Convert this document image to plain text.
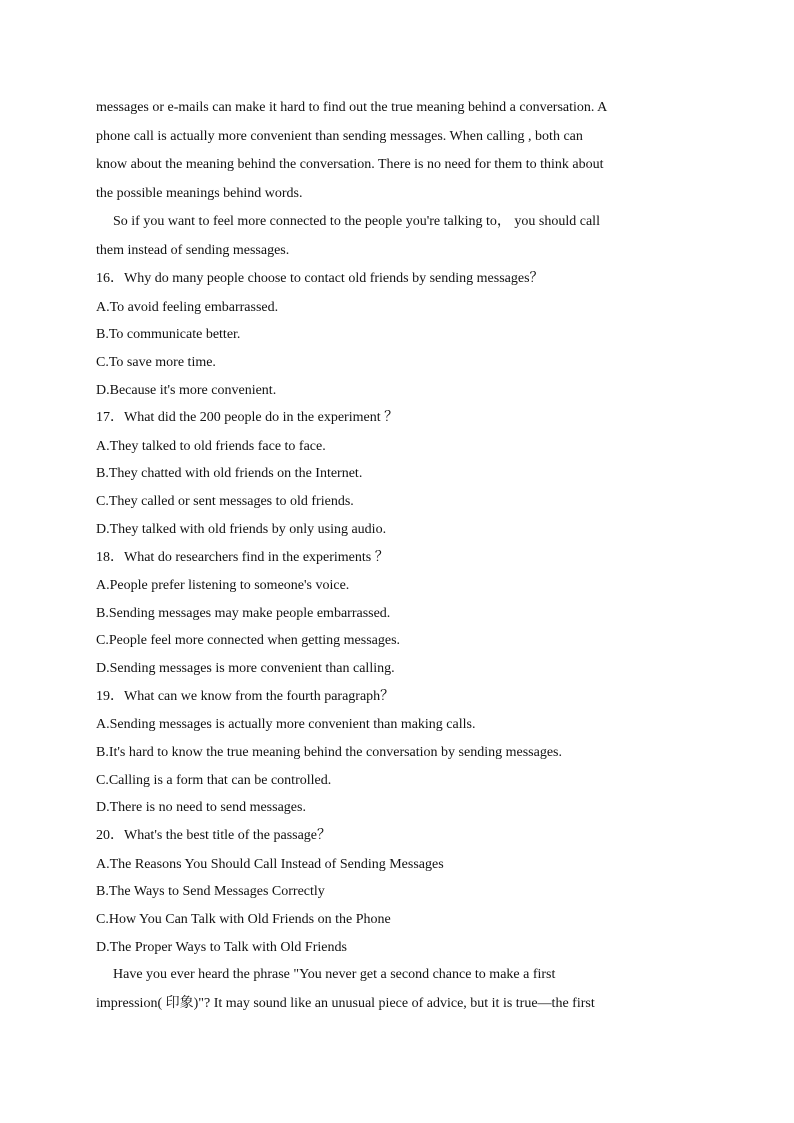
messages or e-mails can make it hard to find out the true meaning behind a conversation. A
phone call is actually more convenient than sending messages. When calling , both can
know about the meaning behind the conversation. There is no need for them to think about
the possible meanings behind words.
So if you want to feel more connected to the people you're talking to， you should call
them instead of sending messages.
16．Why do many people choose to contact old friends by sending messages？
A.To avoid feeling embarrassed.
B.To communicate better.
C.To save more time.
D.Because it's more convenient.
17．What did the 200 people do in the experiment ？
A.They talked to old friends face to face.
B.They chatted with old friends on the Internet.
C.They called or sent messages to old friends.
D.They talked with old friends by only using audio.
18．What do researchers find in the experiments ？
A.People prefer listening to someone's voice.
B.Sending messages may make people embarrassed.
C.People feel more connected when getting messages.
D.Sending messages is more convenient than calling.
19．What can we know from the fourth paragraph？
A.Sending messages is actually more convenient than making calls.
B.It's hard to know the true meaning behind the conversation by sending messages.
C.Calling is a form that can be controlled.
D.There is no need to send messages.
20．What's the best title of the passage？
A.The Reasons You Should Call Instead of Sending Messages
B.The Ways to Send Messages Correctly
C.How You Can Talk with Old Friends on the Phone
D.The Proper Ways to Talk with Old Friends
Have you ever heard the phrase "You never get a second chance to make a first
impression( 印象)"? It may sound like an unusual piece of advice, but it is true—the first
